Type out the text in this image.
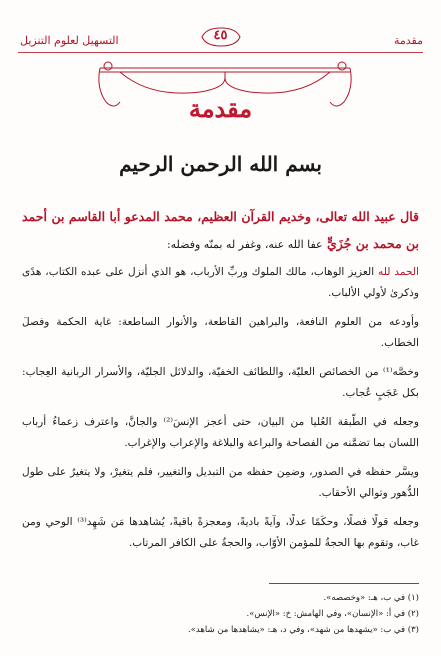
مقدمة
٤٥
التسهيل لعلوم التنزيل
مقدمة
بسم الله الرحمن الرحيم
قال عبيد الله تعالى، وخديم القرآن العظيم، محمد المدعو أبا القاسم بن أحمد بن محمد بن جُزَيٍّ عفا الله عنه، وغفر له بمنّه وفضله:

الحمد لله العزيز الوهاب، مالك الملوك وربِّ الأرباب، هو الذي أنزل على عبده الكتاب، هدًى وذكرىٰ لأولي الألباب.

وأودعه من العلوم النافعة، والبراهين القاطعة، والأنوار الساطعة: غاية الحكمة وفصلَ الخطاب.

وخصَّه⁽¹⁾ من الخصائص العليّة، واللطائف الخفيّة، والدلائل الجليّة، والأسرار الربانية العِجاب: بكل عَجَبٍ عُجاب.

وجعله في الطّبقة العُليا من البيان، حتى أعجز الإنسَ⁽²⁾ والجانَّ، واعترف زعماءُ أرباب اللسان بما تضمَّنه من الفصاحة والبراعة والبلاغة والإعراب والإغراب.

ويسَّر حفظه في الصدور، وضمِن حفظه من التبديل والتغيير، فلم يتغيرْ، ولا يتغيرُ على طول الدُّهور وتوالي الأحقاب.

وجعله قولًا فصلًا، وحكَمًا عدلًا، وآيةً باديةً، ومعجزةً باقيةً، يُشاهدها مَن شَهِد⁽³⁾ الوحي ومن غاب، وتقوم بها الحجةُ للمؤمن الأوّاب، والحجةُ على الكافر المرتاب.

(١) في ب، هـ: «وخصصه».
(٢) في أ: «الإنسان»، وفي الهامش: خ: «الإنس».
(٣) في ب: «يشهدها من شهد»، وفي د، هـ: «يشاهدها من شاهد».
